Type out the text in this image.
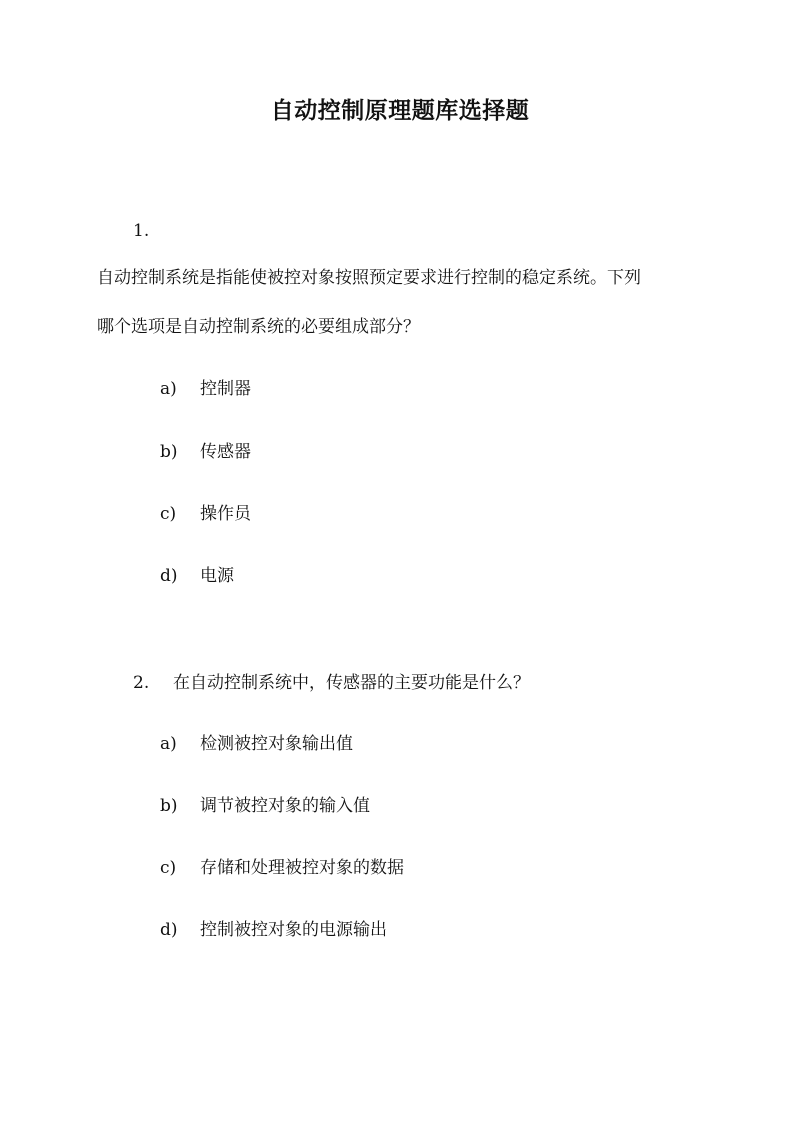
自动控制原理题库选择题
1.
自动控制系统是指能使被控对象按照预定要求进行控制的稳定系统。下列
哪个选项是自动控制系统的必要组成部分？
a) 控制器
b) 传感器
c) 操作员
d) 电源
2. 在自动控制系统中，传感器的主要功能是什么？
a) 检测被控对象输出值
b) 调节被控对象的输入值
c) 存储和处理被控对象的数据
d) 控制被控对象的电源输出
